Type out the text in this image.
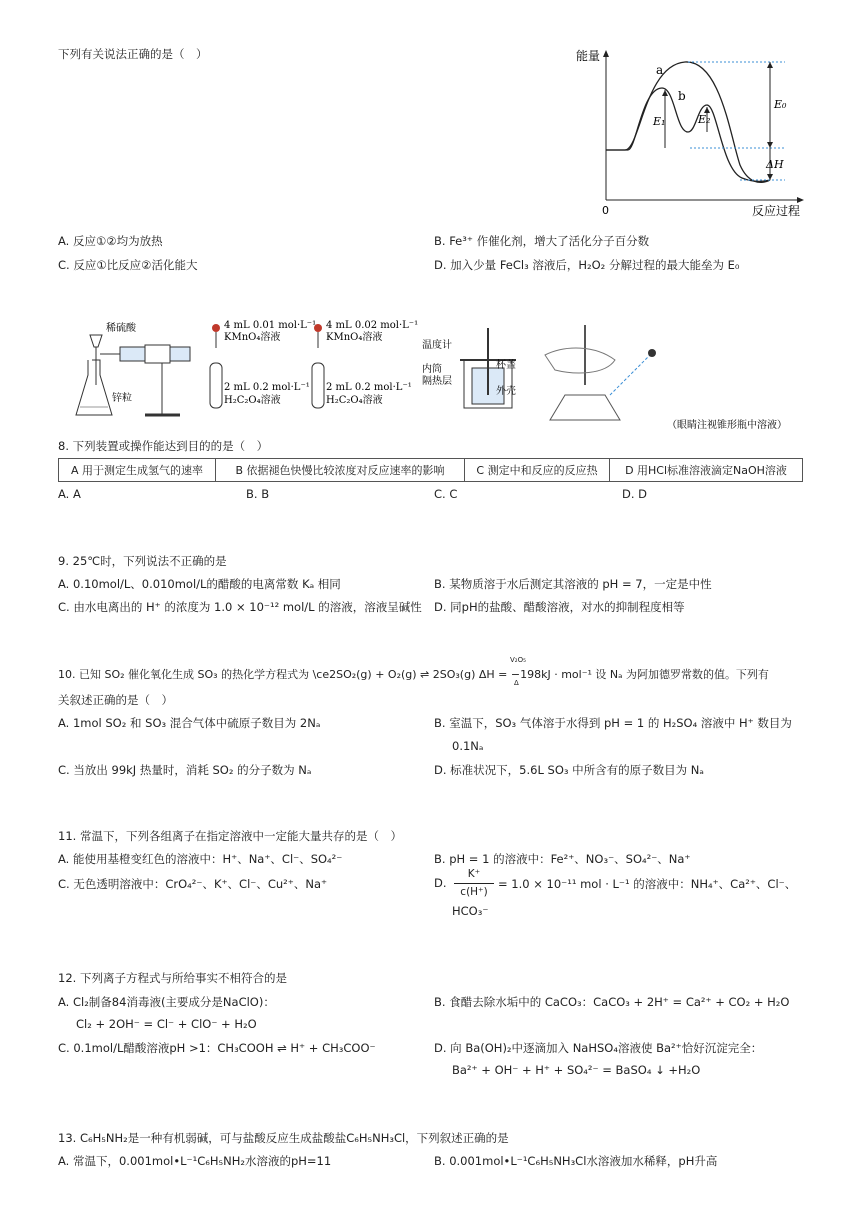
下列有关说法正确的是（　）	能量
0	反应过程
a
b
E₁	E₂
E₀
ΔH
A. 反应①②均为放热	B. Fe³⁺ 作催化剂，增大了活化分子百分数
C. 反应①比反应②活化能大	D. 加入少量 FeCl₃ 溶液后，H₂O₂ 分解过程的最大能垒为 E₀
稀硫酸
锌粒
4 mL 0.01 mol·L⁻¹
KMnO₄溶液
4 mL 0.02 mol·L⁻¹
KMnO₄溶液
2 mL 0.2 mol·L⁻¹
H₂C₂O₄溶液
2 mL 0.2 mol·L⁻¹
H₂C₂O₄溶液
温度计
内筒
隔热层
杯盖
外壳
（眼睛注视锥形瓶中溶液）
8. 下列装置或操作能达到目的的是（　）
A 用于测定生成氢气的速率	B 依据褪色快慢比较浓度对反应速率的影响	C 测定中和反应的反应热	D 用HCl标准溶液滴定NaOH溶液
A. A	B. B	C. C	D. D
9. 25℃时，下列说法不正确的是
A. 0.10mol/L、0.010mol/L的醋酸的电离常数 Kₐ 相同	B. 某物质溶于水后测定其溶液的 pH = 7，一定是中性
C. 由水电离出的 H⁺ 的浓度为 1.0 × 10⁻¹² mol/L 的溶液，溶液呈碱性 D. 同pH的盐酸、醋酸溶液，对水的抑制程度相等
10. 已知 SO₂ 催化氧化生成 SO₃ 的热化学方程式为 \ce2SO₂(g) + O₂(g) ⇌ 2SO₃(g) ΔH = −198kJ · mol⁻¹ 设 Nₐ 为阿加德罗常数的值。下列有
V₂O₅
Δ
关叙述正确的是（　）
A. 1mol SO₂ 和 SO₃ 混合气体中硫原子数目为 2Nₐ	B. 室温下，SO₃ 气体溶于水得到 pH = 1 的 H₂SO₄ 溶液中 H⁺ 数目为
0.1Nₐ
C. 当放出 99kJ 热量时，消耗 SO₂ 的分子数为 Nₐ	D. 标准状况下，5.6L SO₃ 中所含有的原子数目为 Nₐ
11. 常温下，下列各组离子在指定溶液中一定能大量共存的是（　）
A. 能使用基橙变红色的溶液中：H⁺、Na⁺、Cl⁻、SO₄²⁻	B. pH = 1 的溶液中：Fe²⁺、NO₃⁻、SO₄²⁻、Na⁺
C. 无色透明溶液中：CrO₄²⁻、K⁺、Cl⁻、Cu²⁺、Na⁺	D.
K⁺
c(H⁺)
= 1.0 × 10⁻¹¹ mol · L⁻¹ 的溶液中：NH₄⁺、Ca²⁺、Cl⁻、
HCO₃⁻
12. 下列离子方程式与所给事实不相符合的是
A. Cl₂制备84消毒液(主要成分是NaClO)：
Cl₂ + 2OH⁻ = Cl⁻ + ClO⁻ + H₂O
B. 食醋去除水垢中的 CaCO₃：CaCO₃ + 2H⁺ = Ca²⁺ + CO₂ + H₂O
C. 0.1mol/L醋酸溶液pH >1：CH₃COOH ⇌ H⁺ + CH₃COO⁻	D. 向 Ba(OH)₂中逐滴加入 NaHSO₄溶液使 Ba²⁺恰好沉淀完全：
Ba²⁺ + OH⁻ + H⁺ + SO₄²⁻ = BaSO₄ ↓ +H₂O
13. C₆H₅NH₂是一种有机弱碱，可与盐酸反应生成盐酸盐C₆H₅NH₃Cl，下列叙述正确的是
A. 常温下，0.001mol•L⁻¹C₆H₅NH₂水溶液的pH=11	B. 0.001mol•L⁻¹C₆H₅NH₃Cl水溶液加水稀释，pH升高
